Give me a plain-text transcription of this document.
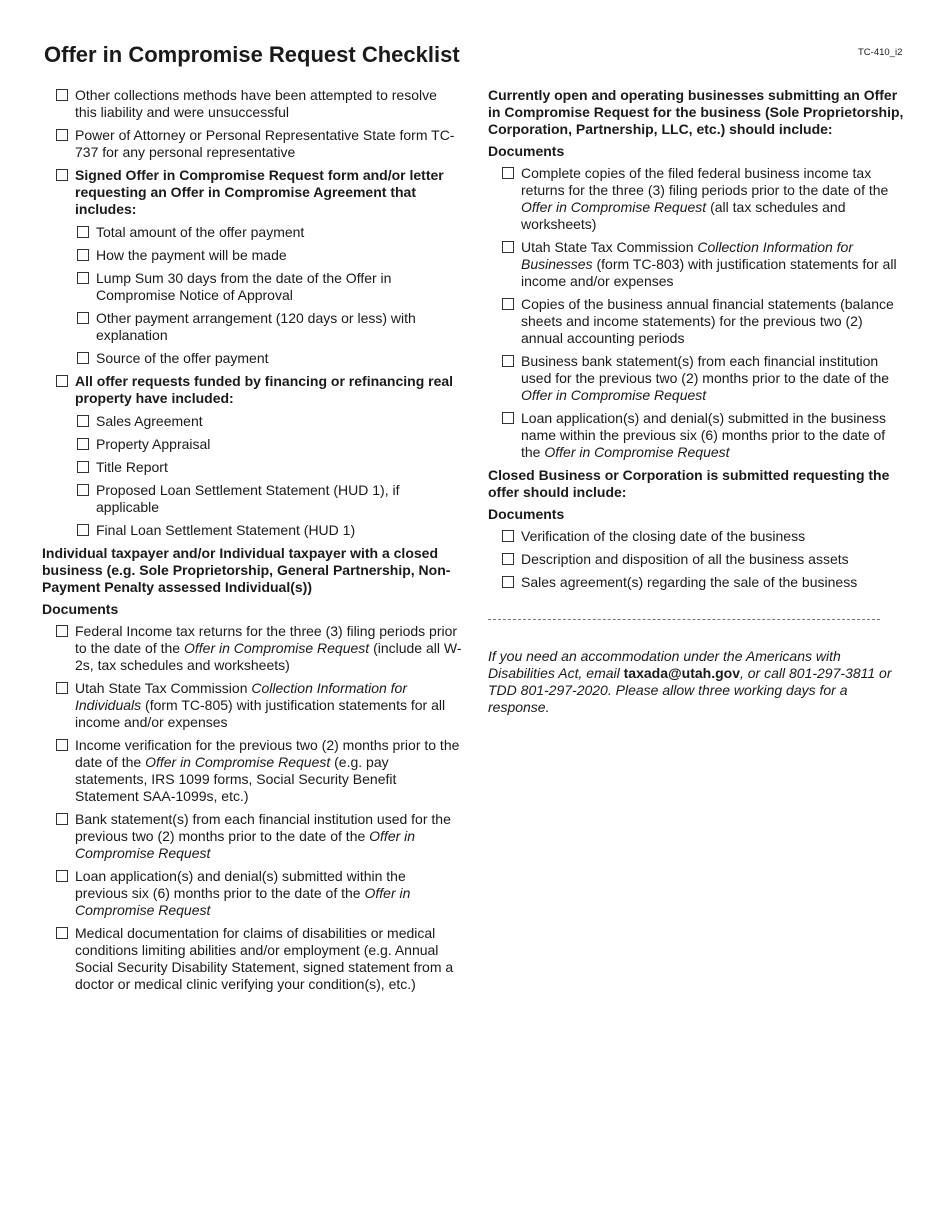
Offer in Compromise Request Checklist	TC-410_i2
Other collections methods have been attempted to resolve this liability and were unsuccessful
Power of Attorney or Personal Representative State form TC-737 for any personal representative
Signed Offer in Compromise Request form and/or letter requesting an Offer in Compromise Agreement that includes:
Total amount of the offer payment
How the payment will be made
Lump Sum 30 days from the date of the Offer in Compromise Notice of Approval
Other payment arrangement (120 days or less) with explanation
Source of the offer payment
All offer requests funded by financing or refinancing real property have included:
Sales Agreement
Property Appraisal
Title Report
Proposed Loan Settlement Statement (HUD 1), if applicable
Final Loan Settlement Statement (HUD 1)

Individual taxpayer and/or Individual taxpayer with a closed business (e.g. Sole Proprietorship, General Partnership, Non-Payment Penalty assessed Individual(s))

Documents

Federal Income tax returns for the three (3) filing periods prior to the date of the Offer in Compromise Request (include all W-2s, tax schedules and worksheets)
Utah State Tax Commission Collection Information for Individuals (form TC-805) with justification statements for all income and/or expenses
Income verification for the previous two (2) months prior to the date of the Offer in Compromise Request (e.g. pay statements, IRS 1099 forms, Social Security Benefit Statement SAA-1099s, etc.)
Bank statement(s) from each financial institution used for the previous two (2) months prior to the date of the Offer in Compromise Request
Loan application(s) and denial(s) submitted within the previous six (6) months prior to the date of the Offer in Compromise Request
Medical documentation for claims of disabilities or medical conditions limiting abilities and/or employment (e.g. Annual Social Security Disability Statement, signed statement from a doctor or medical clinic verifying your condition(s), etc.)

Currently open and operating businesses submitting an Offer in Compromise Request for the business (Sole Proprietorship, Corporation, Partnership, LLC, etc.) should include:

Documents

Complete copies of the filed federal business income tax returns for the three (3) filing periods prior to the date of the Offer in Compromise Request (all tax schedules and worksheets)
Utah State Tax Commission Collection Information for Businesses (form TC-803) with justification statements for all income and/or expenses
Copies of the business annual financial statements (balance sheets and income statements) for the previous two (2) annual accounting periods
Business bank statement(s) from each financial institution used for the previous two (2) months prior to the date of the Offer in Compromise Request
Loan application(s) and denial(s) submitted in the business name within the previous six (6) months prior to the date of the Offer in Compromise Request

Closed Business or Corporation is submitted requesting the offer should include:

Documents

Verification of the closing date of the business
Description and disposition of all the business assets
Sales agreement(s) regarding the sale of the business
If you need an accommodation under the Americans with Disabilities Act, email taxada@utah.gov, or call 801-297-3811 or TDD 801-297-2020. Please allow three working days for a response.
